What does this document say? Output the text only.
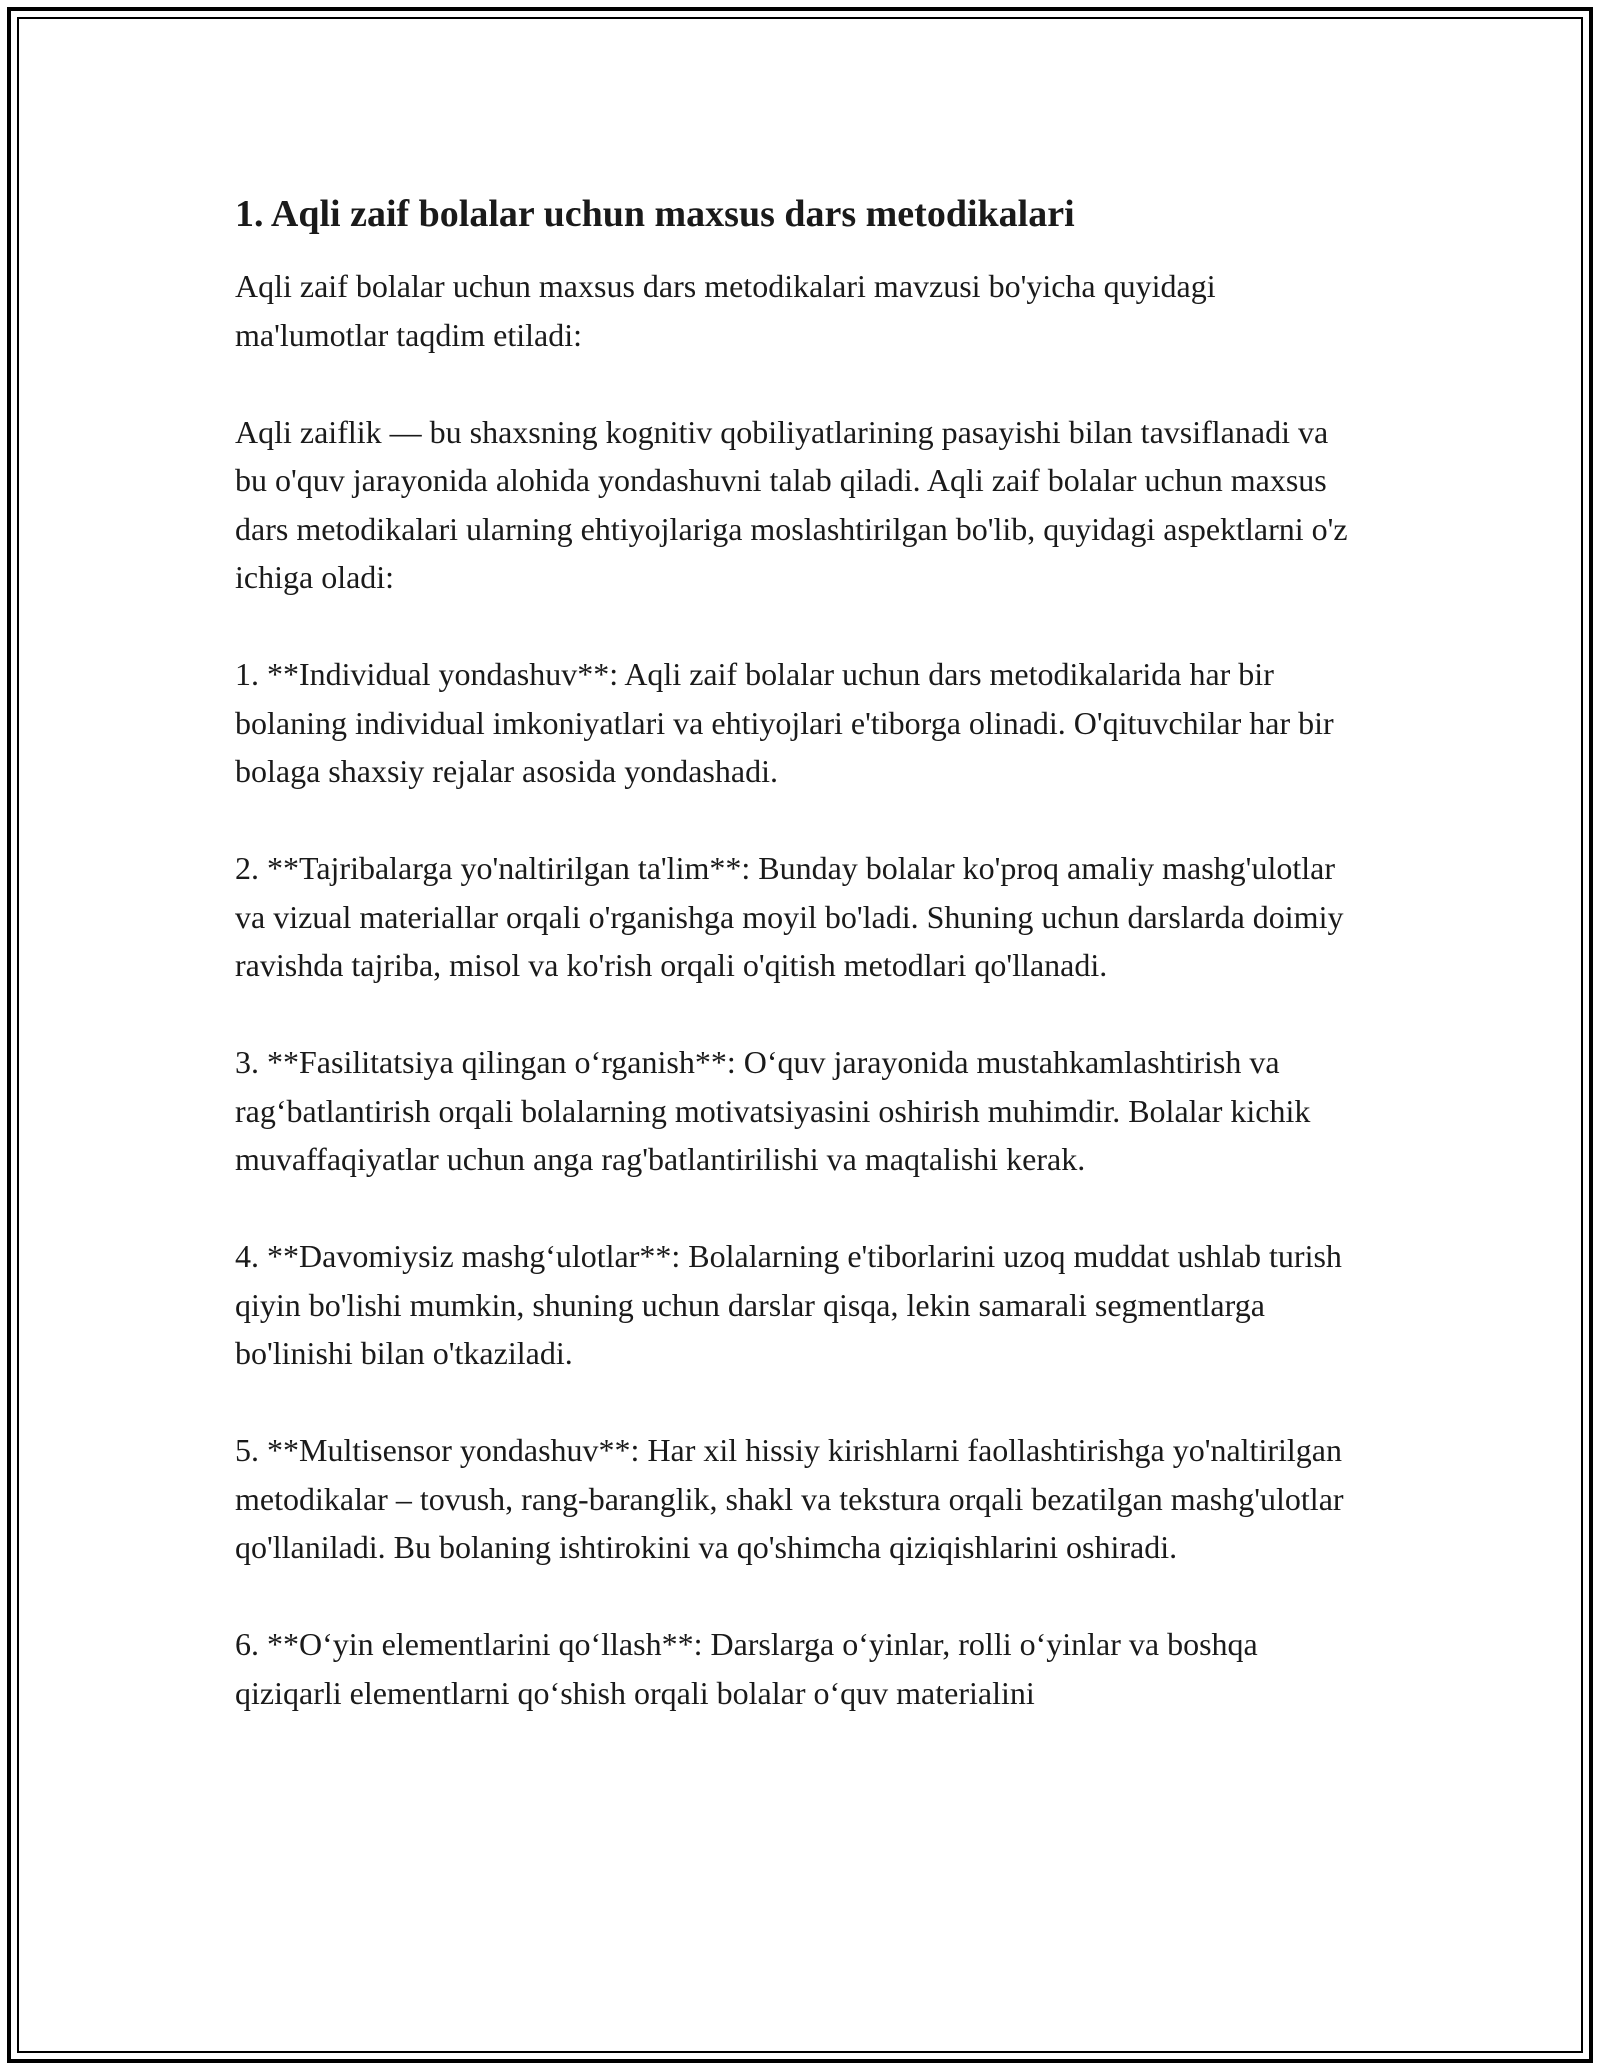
1. Aqli zaif bolalar uchun maxsus dars metodikalari

Aqli zaif bolalar uchun maxsus dars metodikalari mavzusi bo'yicha quyidagi ma'lumotlar taqdim etiladi:

Aqli zaiflik — bu shaxsning kognitiv qobiliyatlarining pasayishi bilan tavsiflanadi va bu o'quv jarayonida alohida yondashuvni talab qiladi. Aqli zaif bolalar uchun maxsus dars metodikalari ularning ehtiyojlariga moslashtirilgan bo'lib, quyidagi aspektlarni o'z ichiga oladi:

1. **Individual yondashuv**: Aqli zaif bolalar uchun dars metodikalarida har bir bolaning individual imkoniyatlari va ehtiyojlari e'tiborga olinadi. O'qituvchilar har bir bolaga shaxsiy rejalar asosida yondashadi.

2. **Tajribalarga yo'naltirilgan ta'lim**: Bunday bolalar ko'proq amaliy mashg'ulotlar va vizual materiallar orqali o'rganishga moyil bo'ladi. Shuning uchun darslarda doimiy ravishda tajriba, misol va ko'rish orqali o'qitish metodlari qo'llanadi.

3. **Fasilitatsiya qilingan o‘rganish**: O‘quv jarayonida mustahkamlashtirish va rag‘batlantirish orqali bolalarning motivatsiyasini oshirish muhimdir. Bolalar kichik muvaffaqiyatlar uchun anga rag'batlantirilishi va maqtalishi kerak.

4. **Davomiysiz mashg‘ulotlar**: Bolalarning e'tiborlarini uzoq muddat ushlab turish qiyin bo'lishi mumkin, shuning uchun darslar qisqa, lekin samarali segmentlarga bo'linishi bilan o'tkaziladi.

5. **Multisensor yondashuv**: Har xil hissiy kirishlarni faollashtirishga yo'naltirilgan metodikalar – tovush, rang-baranglik, shakl va tekstura orqali bezatilgan mashg'ulotlar qo'llaniladi. Bu bolaning ishtirokini va qo'shimcha qiziqishlarini oshiradi.

6. **O‘yin elementlarini qo‘llash**: Darslarga o‘yinlar, rolli o‘yinlar va boshqa qiziqarli elementlarni qo‘shish orqali bolalar o‘quv materialini
